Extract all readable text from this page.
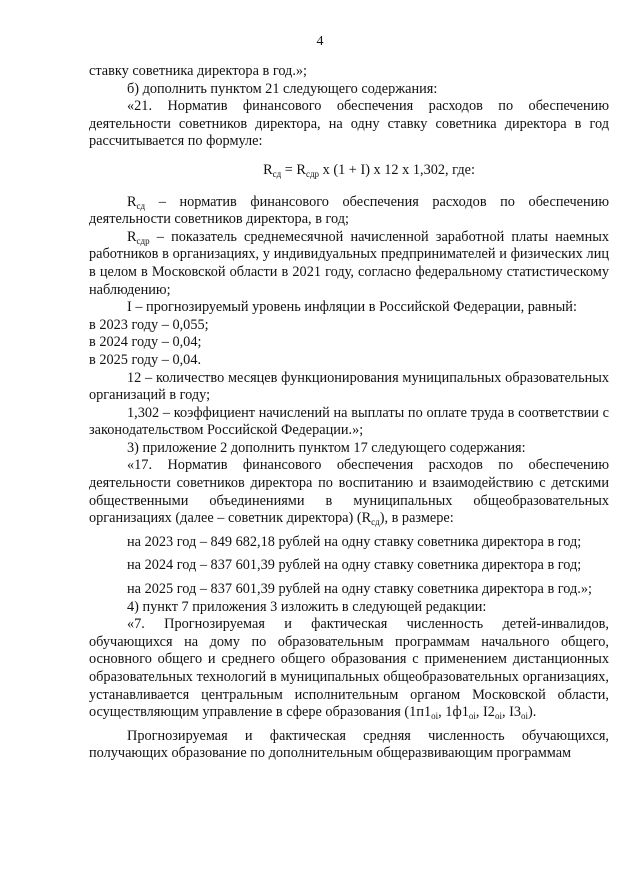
4

ставку советника директора в год.»;

б) дополнить пунктом 21 следующего содержания:

«21. Норматив финансового обеспечения расходов по обеспечению деятельности советников директора, на одну ставку советника директора в год рассчитывается по формуле:

$R_{сд} = R_{сдр}$ x (1 + I) x 12 x 1,302, где:

$R_{сд}$ – норматив финансового обеспечения расходов по обеспечению деятельности советников директора, в год;

$R_{сдр}$ – показатель среднемесячной начисленной заработной платы наемных работников в организациях, у индивидуальных предпринимателей и физических лиц в целом в Московской области в 2021 году, согласно федеральному статистическому наблюдению;

I – прогнозируемый уровень инфляции в Российской Федерации, равный:

в 2023 году – 0,055;

в 2024 году – 0,04;

в 2025 году – 0,04.

12 – количество месяцев функционирования муниципальных образовательных организаций в году;

1,302 – коэффициент начислений на выплаты по оплате труда в соответствии с законодательством Российской Федерации.»;

3) приложение 2 дополнить пунктом 17 следующего содержания:

«17. Норматив финансового обеспечения расходов по обеспечению деятельности советников директора по воспитанию и взаимодействию с детскими общественными объединениями в муниципальных общеобразовательных организациях (далее – советник директора) $(R_{сд})$, в размере:

на 2023 год – 849 682,18 рублей на одну ставку советника директора в год;

на 2024 год – 837 601,39 рублей на одну ставку советника директора в год;

на 2025 год – 837 601,39 рублей на одну ставку советника директора в год.»;

4) пункт 7 приложения 3 изложить в следующей редакции:

«7. Прогнозируемая и фактическая численность детей-инвалидов, обучающихся на дому по образовательным программам начального общего, основного общего и среднего общего образования с применением дистанционных образовательных технологий в муниципальных общеобразовательных организациях, устанавливается центральным исполнительным органом Московской области, осуществляющим управление в сфере образования ($1п1_{oi}$, $1ф1_{oi}$, $I2_{oi}$, $I3_{oi}$).

Прогнозируемая и фактическая средняя численность обучающихся, получающих образование по дополнительным общеразвивающим программам
